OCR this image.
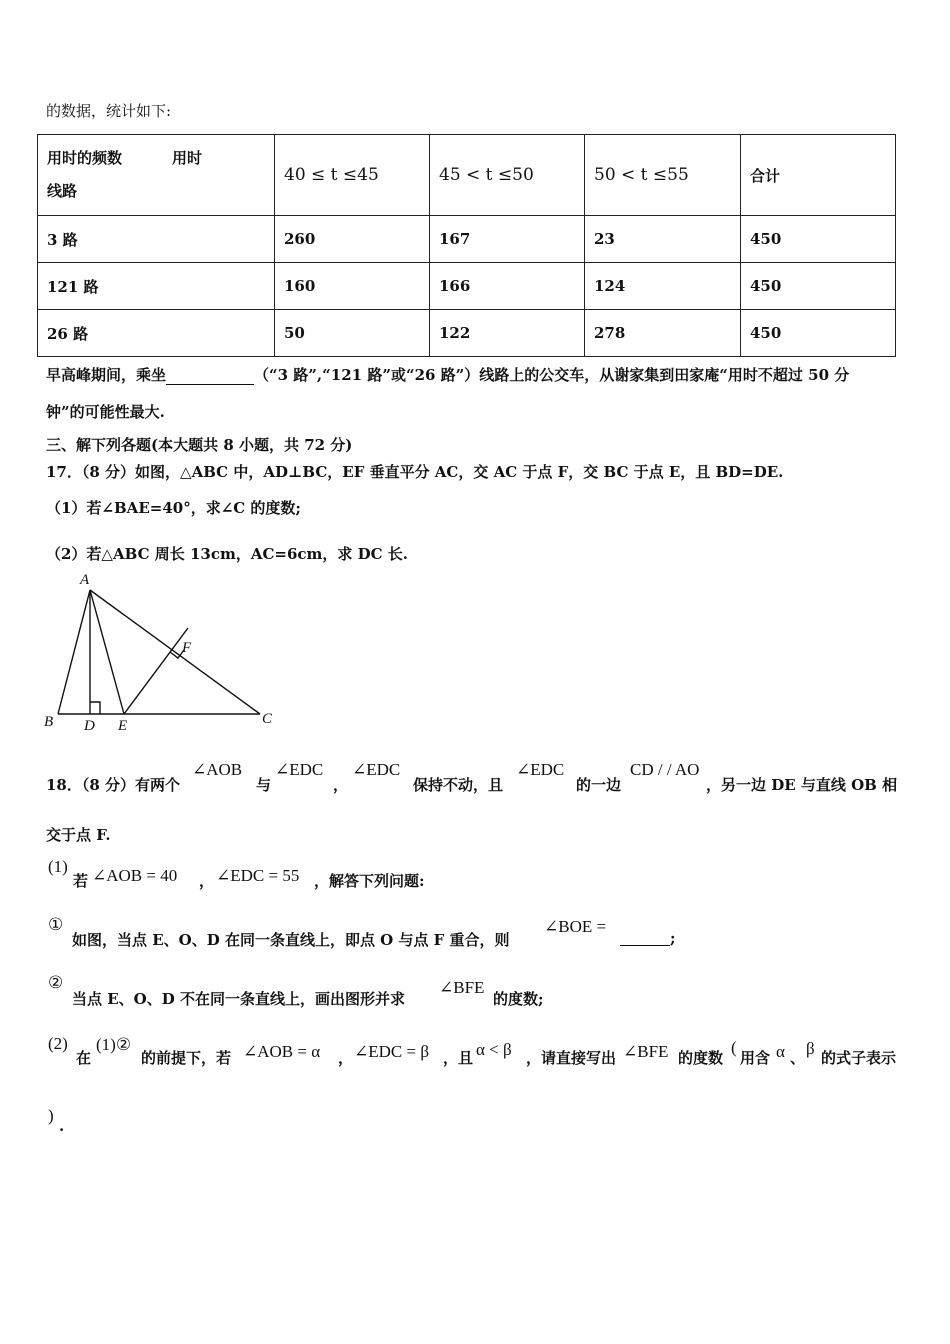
的数据，统计如下:
用时的频数 用时
线路	40 ≤ t ≤45	45 < t ≤50	50 < t ≤55	合计
3 路	260	167	23	450
121 路	160	166	124	450
26 路	50	122	278	450
早高峰期间，乘坐	（“3 路”,“121 路”或“26 路”）线路上的公交车，从谢家集到田家庵“用时不超过 50 分
钟”的可能性最大.
三、解下列各题(本大题共 8 小题，共 72 分)
17．（8 分）如图，△ABC 中，AD⊥BC，EF 垂直平分 AC，交 AC 于点 F，交 BC 于点 E，且 BD=DE.
（1）若∠BAE=40°，求∠C 的度数;
（2）若△ABC 周长 13cm，AC=6cm，求 DC 长.
A
B D E	C
F
18．（8 分）有两个
∠AOB
与
∠EDC
，
∠EDC
保持不动，且
∠EDC
的一边
CD / / AO
，另一边 DE 与直线 OB 相
交于点 F.
(1)
若 ∠AOB = 40 ， ∠EDC = 55 ，解答下列问题:
①
如图，当点 E、O、D 在同一条直线上，即点 O 与点 F 重合，则
∠BOE =
;
②
当点 E、O、D 不在同一条直线上，画出图形并求
∠BFE
的度数;
(2)
在
(1)②
的前提下，若 ∠AOB = α ， ∠EDC = β ，且 α < β ，请直接写出 ∠BFE 的度数
(
用含 α 、 β 的式子表示
)
.
